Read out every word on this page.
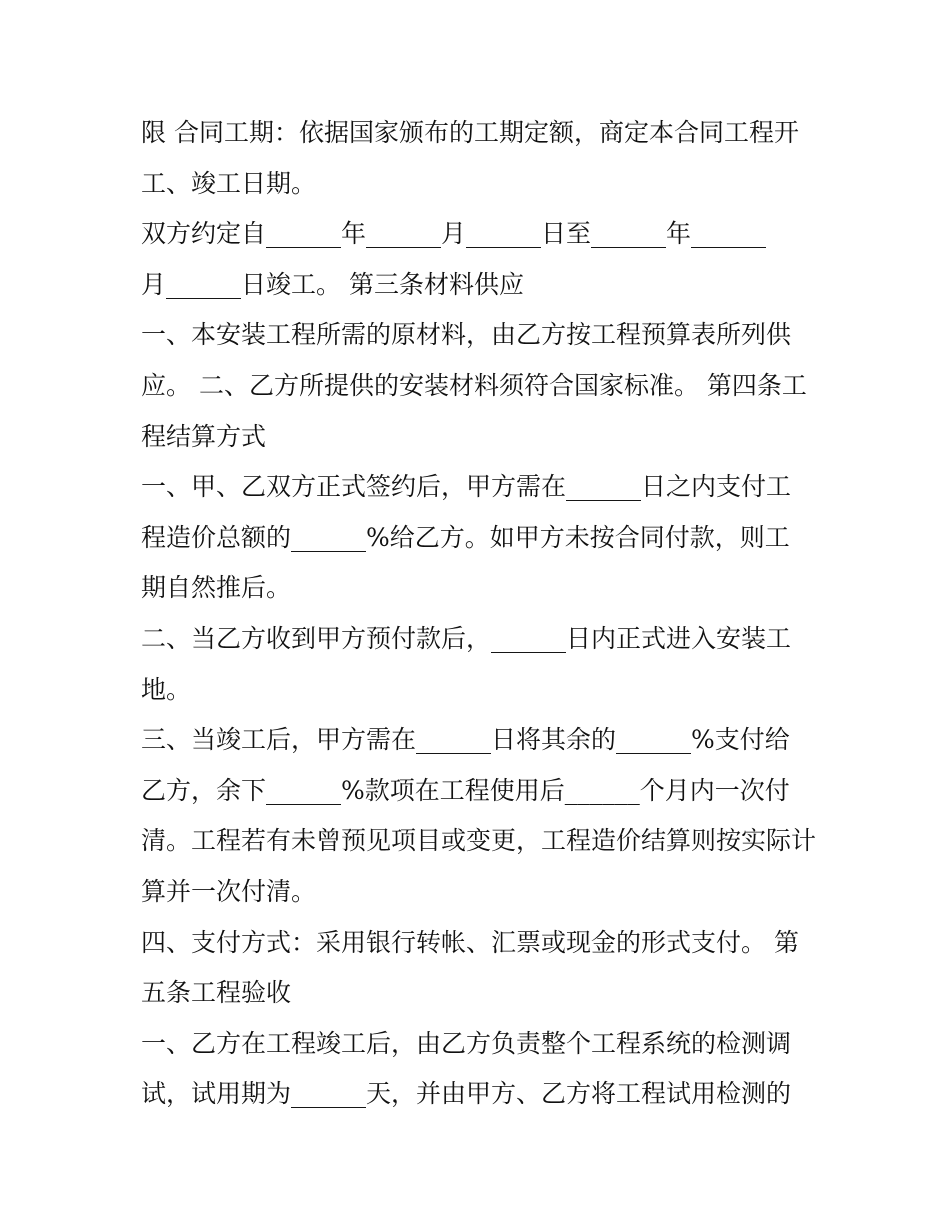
限 合同工期：依据国家颁布的工期定额，商定本合同工程开
工、竣工日期。
双方约定自______年______月______日至______年______
月______日竣工。 第三条材料供应
一、本安装工程所需的原材料，由乙方按工程预算表所列供
应。 二、乙方所提供的安装材料须符合国家标准。 第四条工
程结算方式
一、甲、乙双方正式签约后，甲方需在______日之内支付工
程造价总额的______%给乙方。如甲方未按合同付款，则工
期自然推后。
二、当乙方收到甲方预付款后，______日内正式进入安装工
地。
三、当竣工后，甲方需在______日将其余的______%支付给
乙方，余下______%款项在工程使用后______个月内一次付
清。工程若有未曾预见项目或变更，工程造价结算则按实际计
算并一次付清。
四、支付方式：采用银行转帐、汇票或现金的形式支付。 第
五条工程验收
一、乙方在工程竣工后，由乙方负责整个工程系统的检测调
试，试用期为______天，并由甲方、乙方将工程试用检测的
